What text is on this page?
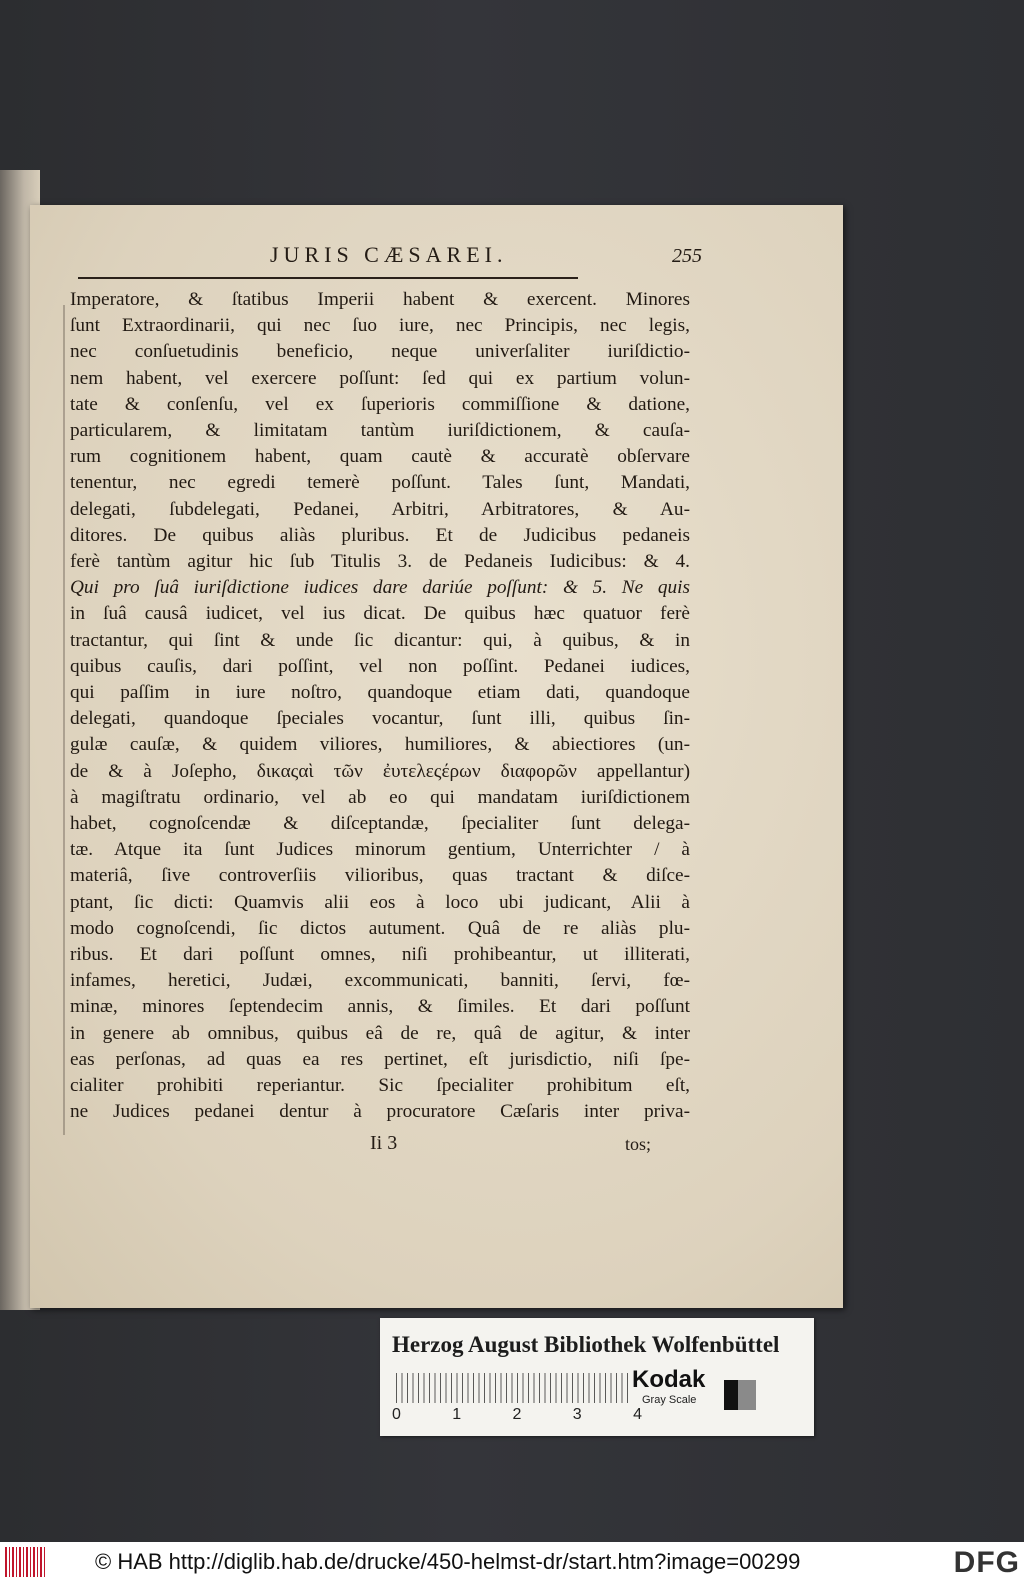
JURIS CÆSAREI.	255
Imperatore, & ſtatibus Imperii habent & exercent. Minores
ſunt Extraordinarii, qui nec ſuo iure, nec Principis, nec legis,
nec conſuetudinis beneficio, neque univerſaliter iuriſdictio-
nem habent, vel exercere poſſunt: ſed qui ex partium volun-
tate & conſenſu, vel ex ſuperioris commiſſione & datione,
particularem, & limitatam tantùm iuriſdictionem, & cauſa-
rum cognitionem habent, quam cautè & accuratè obſervare
tenentur, nec egredi temerè poſſunt. Tales ſunt, Mandati,
delegati, ſubdelegati, Pedanei, Arbitri, Arbitratores, & Au-
ditores. De quibus aliàs pluribus. Et de Judicibus pedaneis
ferè tantùm agitur hic ſub Titulis 3. de Pedaneis Iudicibus: & 4.
Qui pro ſuâ iuriſdictione iudices dare dariúe poſſunt: & 5. Ne quis
in ſuâ causâ iudicet, vel ius dicat. De quibus hæc quatuor ferè
tractantur, qui ſint & unde ſic dicantur: qui, à quibus, & in
quibus cauſis, dari poſſint, vel non poſſint. Pedanei iudices,
qui paſſim in iure noſtro, quandoque etiam dati, quandoque
delegati, quandoque ſpeciales vocantur, ſunt illi, quibus ſin-
gulæ cauſæ, & quidem viliores, humiliores, & abiectiores (un-
de & à Joſepho, δικαςαὶ τῶν ἐυτελεςέρων διαφορῶν appellantur)
à magiſtratu ordinario, vel ab eo qui mandatam iuriſdictionem
habet, cognoſcendæ & diſceptandæ, ſpecialiter ſunt delega-
tæ. Atque ita ſunt Judices minorum gentium, Unterrichter / à
materiâ, ſive controverſiis vilioribus, quas tractant & diſce-
ptant, ſic dicti: Quamvis alii eos à loco ubi judicant, Alii à
modo cognoſcendi, ſic dictos autument. Quâ de re aliàs plu-
ribus. Et dari poſſunt omnes, niſi prohibeantur, ut illiterati,
infames, heretici, Judæi, excommunicati, banniti, ſervi, fœ-
minæ, minores ſeptendecim annis, & ſimiles. Et dari poſſunt
in genere ab omnibus, quibus eâ de re, quâ de agitur, & inter
eas perſonas, ad quas ea res pertinet, eſt jurisdictio, niſi ſpe-
cialiter prohibiti reperiantur. Sic ſpecialiter prohibitum eſt,
ne Judices pedanei dentur à procuratore Cæſaris inter priva-
Ii 3	tos;
Herzog August Bibliothek Wolfenbüttel
0	1	2	3	4
Kodak
Gray Scale
© HAB http://diglib.hab.de/drucke/450-helmst-dr/start.htm?image=00299	DFG
